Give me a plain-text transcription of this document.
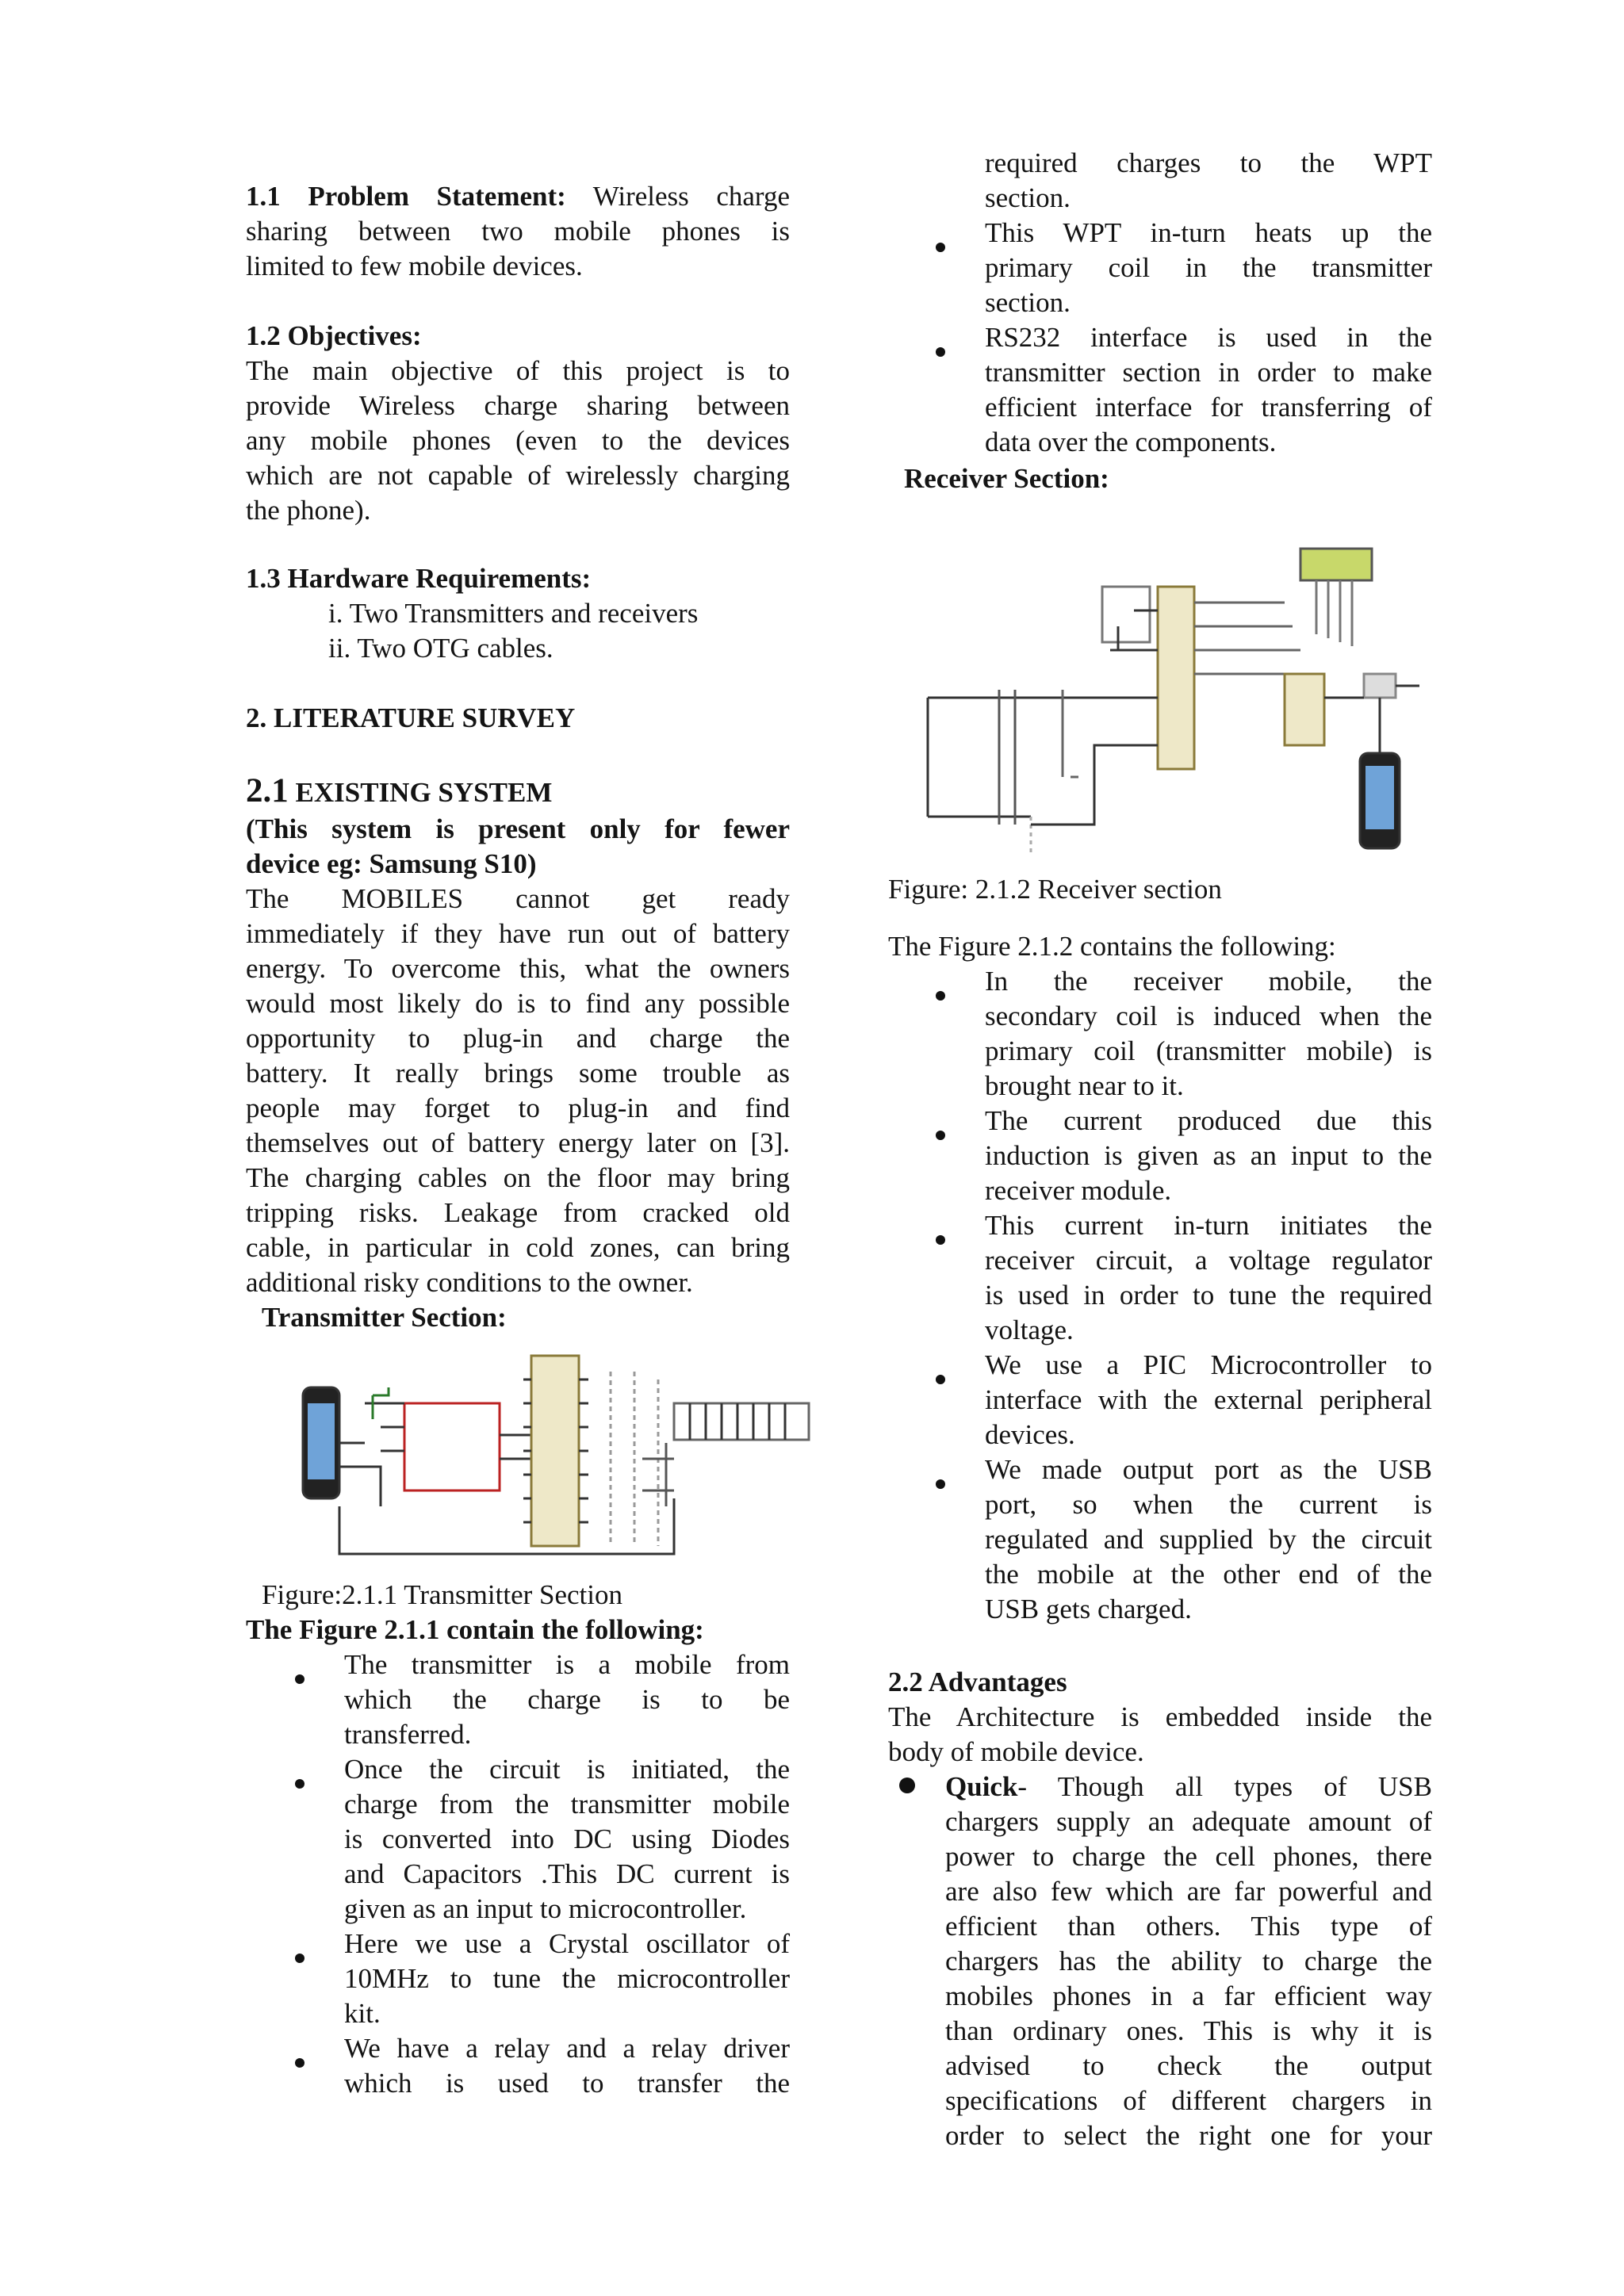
1.1 Problem Statement: Wireless charge
sharing between two mobile phones is
limited to few mobile devices.
1.2 Objectives:
The main objective of this project is to
provide Wireless charge sharing between
any mobile phones (even to the devices
which are not capable of wirelessly charging
the phone).
1.3 Hardware Requirements:
i. Two Transmitters and receivers
ii. Two OTG cables.
2. LITERATURE SURVEY
2.1 EXISTING SYSTEM
(This system is present only for fewer
device eg: Samsung S10)
The MOBILES cannot get ready
immediately if they have run out of battery
energy. To overcome this, what the owners
would most likely do is to find any possible
opportunity to plug-in and charge the
battery. It really brings some trouble as
people may forget to plug-in and find
themselves out of battery energy later on [3].
The charging cables on the floor may bring
tripping risks. Leakage from cracked old
cable, in particular in cold zones, can bring
additional risky conditions to the owner.
Transmitter Section:
Figure:2.1.1 Transmitter Section
The Figure 2.1.1 contain the following:
The transmitter is a mobile from
which the charge is to be
transferred.
Once the circuit is initiated, the
charge from the transmitter mobile
is converted into DC using Diodes
and Capacitors .This DC current is
given as an input to microcontroller.
Here we use a Crystal oscillator of
10MHz to tune the microcontroller
kit.
We have a relay and a relay driver
which is used to transfer the
required charges to the WPT
section.
This WPT in-turn heats up the
primary coil in the transmitter
section.
RS232 interface is used in the
transmitter section in order to make
efficient interface for transferring of
data over the components.
Receiver Section:
Figure: 2.1.2 Receiver section
The Figure 2.1.2 contains the following:
In the receiver mobile, the
secondary coil is induced when the
primary coil (transmitter mobile) is
brought near to it.
The current produced due this
induction is given as an input to the
receiver module.
This current in-turn initiates the
receiver circuit, a voltage regulator
is used in order to tune the required
voltage.
We use a PIC Microcontroller to
interface with the external peripheral
devices.
We made output port as the USB
port, so when the current is
regulated and supplied by the circuit
the mobile at the other end of the
USB gets charged.
2.2 Advantages
The Architecture is embedded inside the
body of mobile device.
Quick- Though all types of USB
chargers supply an adequate amount of
power to charge the cell phones, there
are also few which are far powerful and
efficient than others. This type of
chargers has the ability to charge the
mobiles phones in a far efficient way
than ordinary ones. This is why it is
advised to check the output
specifications of different chargers in
order to select the right one for your
